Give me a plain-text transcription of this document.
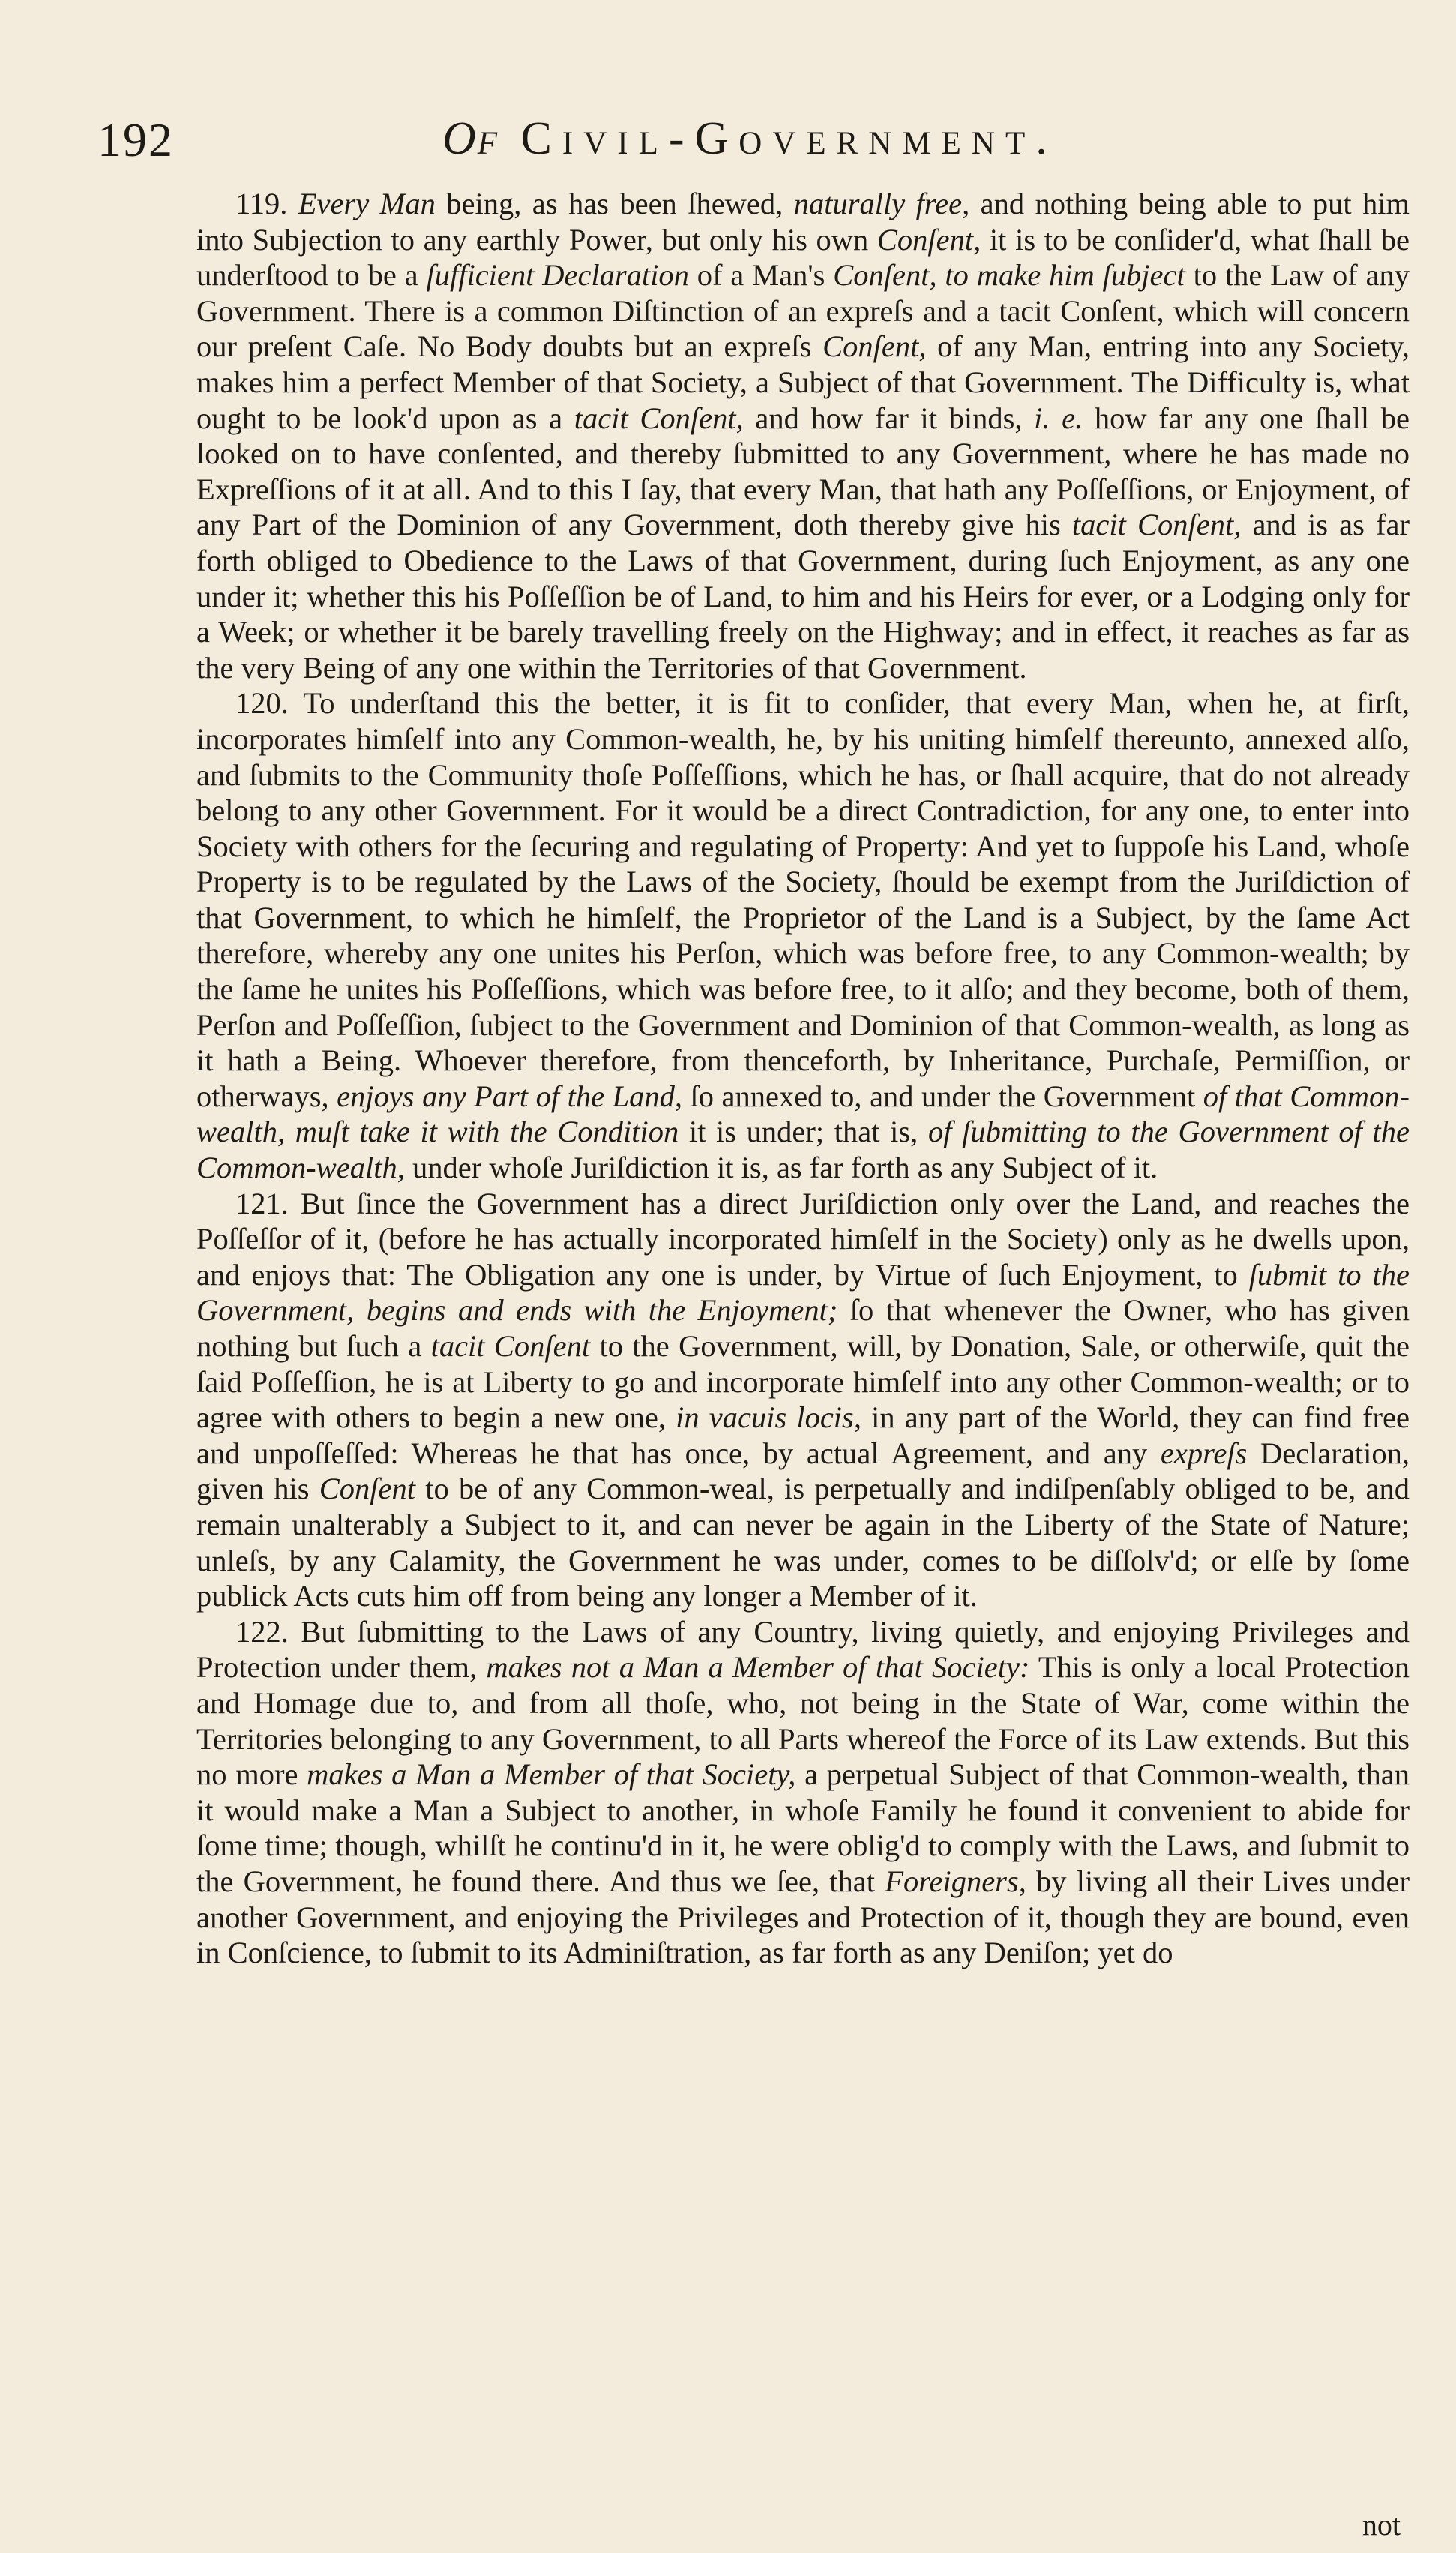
192	Of Civil-Government.

119. Every Man being, as has been ſhewed, naturally free, and nothing being able to put him into Subjection to any earthly Power, but only his own Conſent, it is to be conſider'd, what ſhall be underſtood to be a ſufficient Declaration of a Man's Conſent, to make him ſubject to the Law of any Government. There is a common Diſtinction of an expreſs and a tacit Conſent, which will concern our preſent Caſe. No Body doubts but an expreſs Conſent, of any Man, entring into any Society, makes him a perfect Member of that Society, a Subject of that Government. The Difficulty is, what ought to be look'd upon as a tacit Conſent, and how far it binds, i. e. how far any one ſhall be looked on to have conſented, and thereby ſubmitted to any Government, where he has made no Expreſſions of it at all. And to this I ſay, that every Man, that hath any Poſſeſſions, or Enjoyment, of any Part of the Dominion of any Government, doth thereby give his tacit Conſent, and is as far forth obliged to Obedience to the Laws of that Government, during ſuch Enjoyment, as any one under it; whether this his Poſſeſſion be of Land, to him and his Heirs for ever, or a Lodging only for a Week; or whether it be barely travelling freely on the Highway; and in effect, it reaches as far as the very Being of any one within the Territories of that Government.

120. To underſtand this the better, it is fit to conſider, that every Man, when he, at firſt, incorporates himſelf into any Common-wealth, he, by his uniting himſelf thereunto, annexed alſo, and ſubmits to the Community thoſe Poſſeſſions, which he has, or ſhall acquire, that do not already belong to any other Government. For it would be a direct Contradiction, for any one, to enter into Society with others for the ſecuring and regulating of Property: And yet to ſuppoſe his Land, whoſe Property is to be regulated by the Laws of the Society, ſhould be exempt from the Juriſdiction of that Government, to which he himſelf, the Proprietor of the Land is a Subject, by the ſame Act therefore, whereby any one unites his Perſon, which was before free, to any Common-wealth; by the ſame he unites his Poſſeſſions, which was before free, to it alſo; and they become, both of them, Perſon and Poſſeſſion, ſubject to the Government and Dominion of that Common-wealth, as long as it hath a Being. Whoever therefore, from thenceforth, by Inheritance, Purchaſe, Permiſſion, or otherways, enjoys any Part of the Land, ſo annexed to, and under the Government of that Common-wealth, muſt take it with the Condition it is under; that is, of ſubmitting to the Government of the Common-wealth, under whoſe Juriſdiction it is, as far forth as any Subject of it.

121. But ſince the Government has a direct Juriſdiction only over the Land, and reaches the Poſſeſſor of it, (before he has actually incorporated himſelf in the Society) only as he dwells upon, and enjoys that: The Obligation any one is under, by Virtue of ſuch Enjoyment, to ſubmit to the Government, begins and ends with the Enjoyment; ſo that whenever the Owner, who has given nothing but ſuch a tacit Conſent to the Government, will, by Donation, Sale, or otherwiſe, quit the ſaid Poſſeſſion, he is at Liberty to go and incorporate himſelf into any other Common-wealth; or to agree with others to begin a new one, in vacuis locis, in any part of the World, they can find free and unpoſſeſſed: Whereas he that has once, by actual Agreement, and any expreſs Declaration, given his Conſent to be of any Common-weal, is perpetually and indiſpenſably obliged to be, and remain unalterably a Subject to it, and can never be again in the Liberty of the State of Nature; unleſs, by any Calamity, the Government he was under, comes to be diſſolv'd; or elſe by ſome publick Acts cuts him off from being any longer a Member of it.

122. But ſubmitting to the Laws of any Country, living quietly, and enjoying Privileges and Protection under them, makes not a Man a Member of that Society: This is only a local Protection and Homage due to, and from all thoſe, who, not being in the State of War, come within the Territories belonging to any Government, to all Parts whereof the Force of its Law extends. But this no more makes a Man a Member of that Society, a perpetual Subject of that Common-wealth, than it would make a Man a Subject to another, in whoſe Family he found it convenient to abide for ſome time; though, whilſt he continu'd in it, he were oblig'd to comply with the Laws, and ſubmit to the Government, he found there. And thus we ſee, that Foreigners, by living all their Lives under another Government, and enjoying the Privileges and Protection of it, though they are bound, even in Conſcience, to ſubmit to its Adminiſtration, as far forth as any Deniſon; yet do

not
